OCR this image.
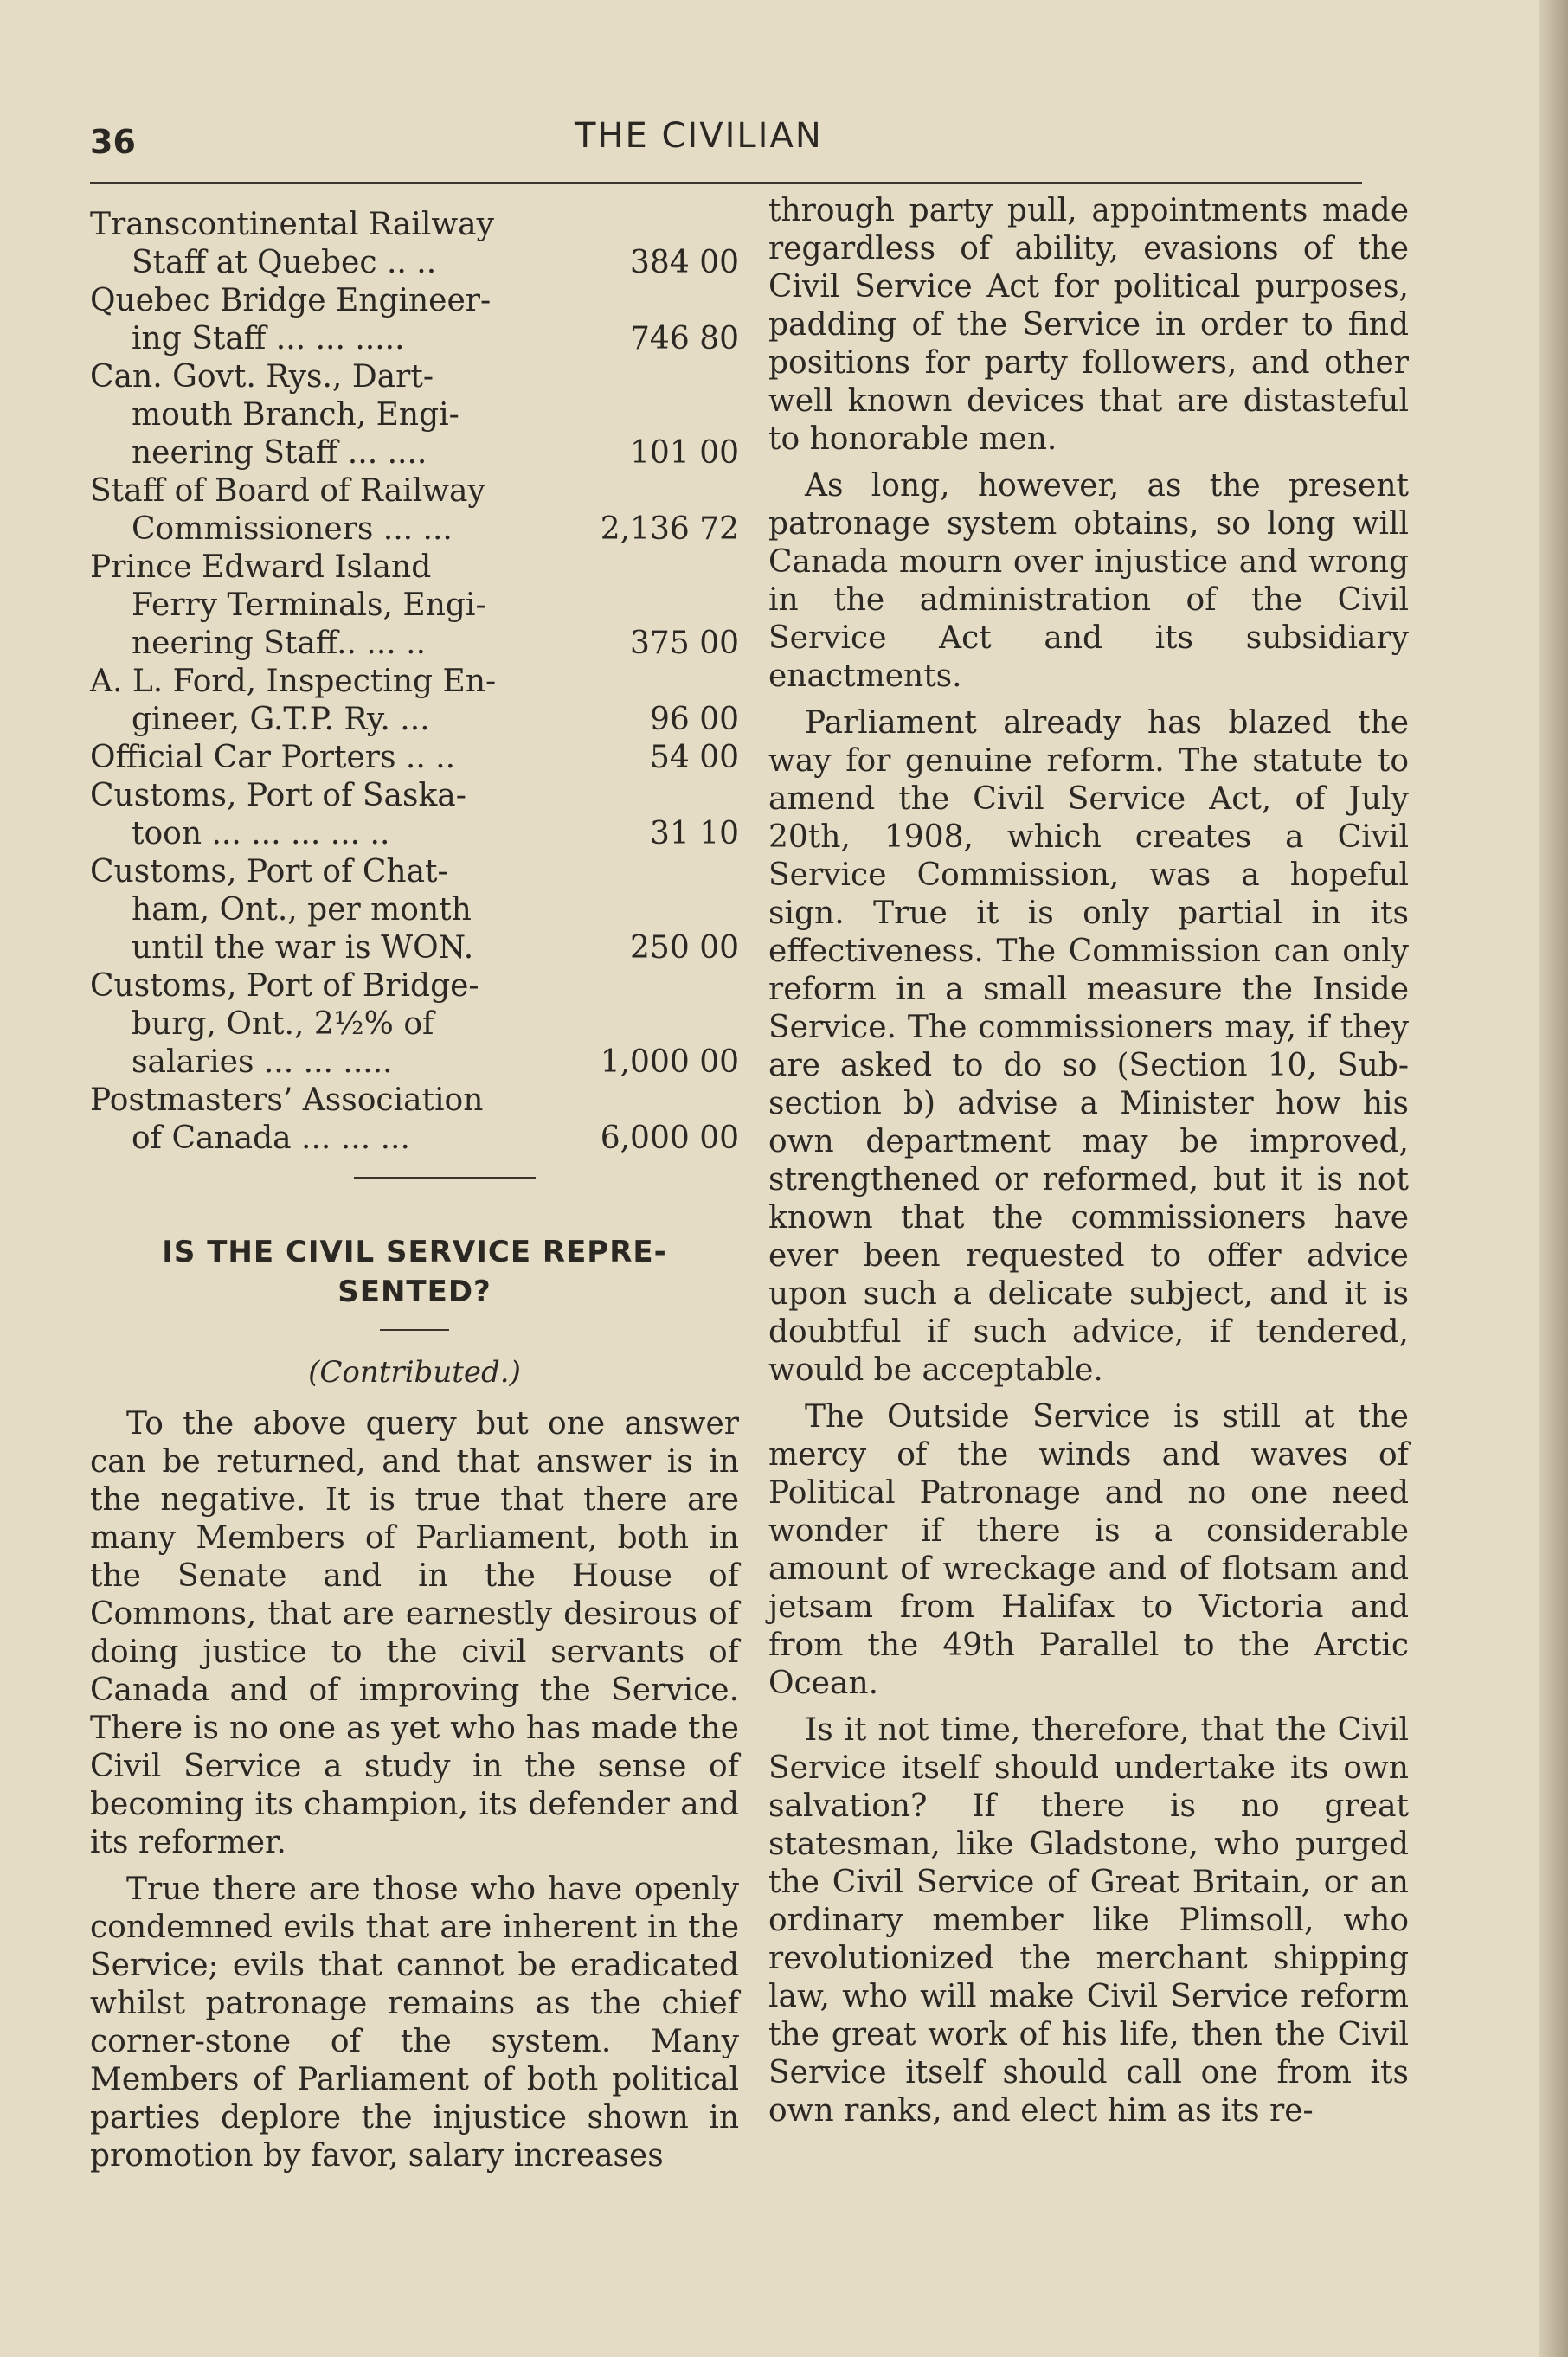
36	THE CIVILIAN
Transcontinental Railway
Staff at Quebec .. ..	384 00
Quebec Bridge Engineer-
ing Staff ... ... .....	746 80
Can. Govt. Rys., Dart-
mouth Branch, Engi-
neering Staff ... ....	101 00
Staff of Board of Railway
Commissioners ... ...	2,136 72
Prince Edward Island
Ferry Terminals, Engi-
neering Staff.. ... ..	375 00
A. L. Ford, Inspecting En-
gineer, G.T.P. Ry. ...	96 00
Official Car Porters .. ..	54 00
Customs, Port of Saska-
toon ... ... ... ... ..	31 10
Customs, Port of Chat-
ham, Ont., per month
until the war is WON.	250 00
Customs, Port of Bridge-
burg, Ont., 2½% of
salaries ... ... .....	1,000 00
Postmasters’ Association
of Canada ... ... ...	6,000 00
IS THE CIVIL SERVICE REPRE- SENTED?
(Contributed.)

To the above query but one answer can be returned, and that answer is in the negative. It is true that there are many Members of Parliament, both in the Senate and in the House of Commons, that are earnestly desirous of doing justice to the civil servants of Canada and of improving the Service. There is no one as yet who has made the Civil Service a study in the sense of becoming its champion, its defender and its reformer.

True there are those who have openly condemned evils that are inherent in the Service; evils that cannot be eradicated whilst patronage remains as the chief corner-stone of the system. Many Members of Parliament of both political parties deplore the injustice shown in promotion by favor, salary increases

through party pull, appointments made regardless of ability, evasions of the Civil Service Act for political purposes, padding of the Service in order to find positions for party followers, and other well known devices that are distasteful to honorable men.

As long, however, as the present patronage system obtains, so long will Canada mourn over injustice and wrong in the administration of the Civil Service Act and its subsidiary enactments.

Parliament already has blazed the way for genuine reform. The statute to amend the Civil Service Act, of July 20th, 1908, which creates a Civil Service Commission, was a hopeful sign. True it is only partial in its effectiveness. The Commission can only reform in a small measure the Inside Service. The commissioners may, if they are asked to do so (Section 10, Sub-section b) advise a Minister how his own department may be improved, strengthened or reformed, but it is not known that the commissioners have ever been requested to offer advice upon such a delicate subject, and it is doubtful if such advice, if tendered, would be acceptable.

The Outside Service is still at the mercy of the winds and waves of Political Patronage and no one need wonder if there is a considerable amount of wreckage and of flotsam and jetsam from Halifax to Victoria and from the 49th Parallel to the Arctic Ocean.

Is it not time, therefore, that the Civil Service itself should undertake its own salvation? If there is no great statesman, like Gladstone, who purged the Civil Service of Great Britain, or an ordinary member like Plimsoll, who revolutionized the merchant shipping law, who will make Civil Service reform the great work of his life, then the Civil Service itself should call one from its own ranks, and elect him as its re-
